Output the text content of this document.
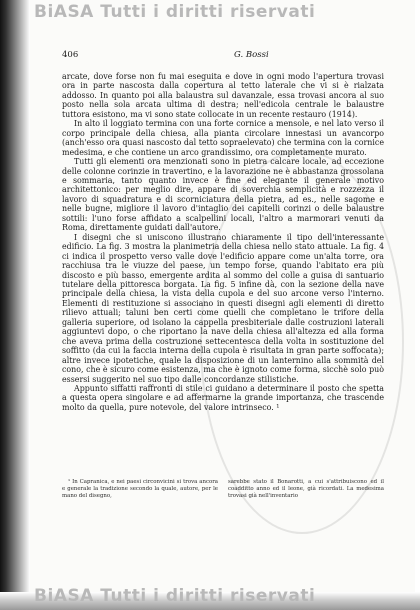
BiASA Tutti i diritti riservati
406	G. Bossi

arcate, dove forse non fu mai eseguita e dove in ogni modo l'apertura trovasi ora in parte nascosta dalla copertura al tetto laterale che vi si è rialzata addosso. In quanto poi alla balaustra sul davanzale, essa trovasi ancora al suo posto nella sola arcata ultima di destra; nell'edicola centrale le balaustre tuttora esistono, ma vi sono state collocate in un recente restauro (1914).

In alto il loggiato termina con una forte cornice a mensole, e nel lato verso il corpo principale della chiesa, alla pianta circolare innestasi un avancorpo (anch'esso ora quasi nascosto dal tetto sopraelevato) che termina con la cornice medesima, e che contiene un arco grandissimo, ora completamente murato.

Tutti gli elementi ora menzionati sono in pietra calcare locale, ad eccezione delle colonne corinzie in travertino, e la lavorazione ne è abbastanza grossolana e sommaria, tanto quanto invece è fine ed elegante il generale motivo architettonico: per meglio dire, appare di soverchia semplicità e rozzezza il lavoro di squadratura e di scorniciatura della pietra, ad es., nelle sagome e nelle bugne, migliore il lavoro d'intaglio dei capitelli corinzi o delle balaustre sottili: l'uno forse affidato a scalpellini locali, l'altro a marmorari venuti da Roma, direttamente guidati dall'autore.

I disegni che si uniscono illustrano chiaramente il tipo dell'interessante edificio. La fig. 3 mostra la planimetria della chiesa nello stato attuale. La fig. 4 ci indica il prospetto verso valle dove l'edificio appare come un'alta torre, ora racchiusa tra le viuzze del paese, un tempo forse, quando l'abitato era più discosto e più basso, emergente ardita al sommo del colle a guisa di santuario tutelare della pittoresca borgata. La fig. 5 infine dà, con la sezione della nave principale della chiesa, la vista della cupola e del suo arcone verso l'interno. Elementi di restituzione si associano in questi disegni agli elementi di diretto rilievo attuali; taluni ben certi come quelli che completano le trifore della galleria superiore, od isolano la cappella presbiteriale dalle costruzioni laterali aggiuntevi dopo, o che riportano la nave della chiesa all'altezza ed alla forma che aveva prima della costruzione settecentesca della volta in sostituzione del soffitto (da cui la faccia interna della cupola è risultata in gran parte soffocata); altre invece ipotetiche, quale la disposizione di un lanternino alla sommità del cono, che è sicuro come esistenza, ma che è ignoto come forma, sicchè solo può essersi suggerito nel suo tipo dalle concordanze stilistiche.

Appunto siffatti raffronti di stile ci guidano a determinare il posto che spetta a questa opera singolare e ad affermarne la grande importanza, che trascende molto da quella, pure notevole, del valore intrinseco. ¹

¹ In Capranica, e nei paesi circonvicini si trova ancora e generale la tradizione secondo la quale, autore, per le mano del disegno,
sarebbe stato il Bonarotti, a cui s'attribuiscono ed il coadditto anno ed il leone, già ricordati. La medesima trovasi già nell'inventario
BiASA Tutti i diritti riservati
